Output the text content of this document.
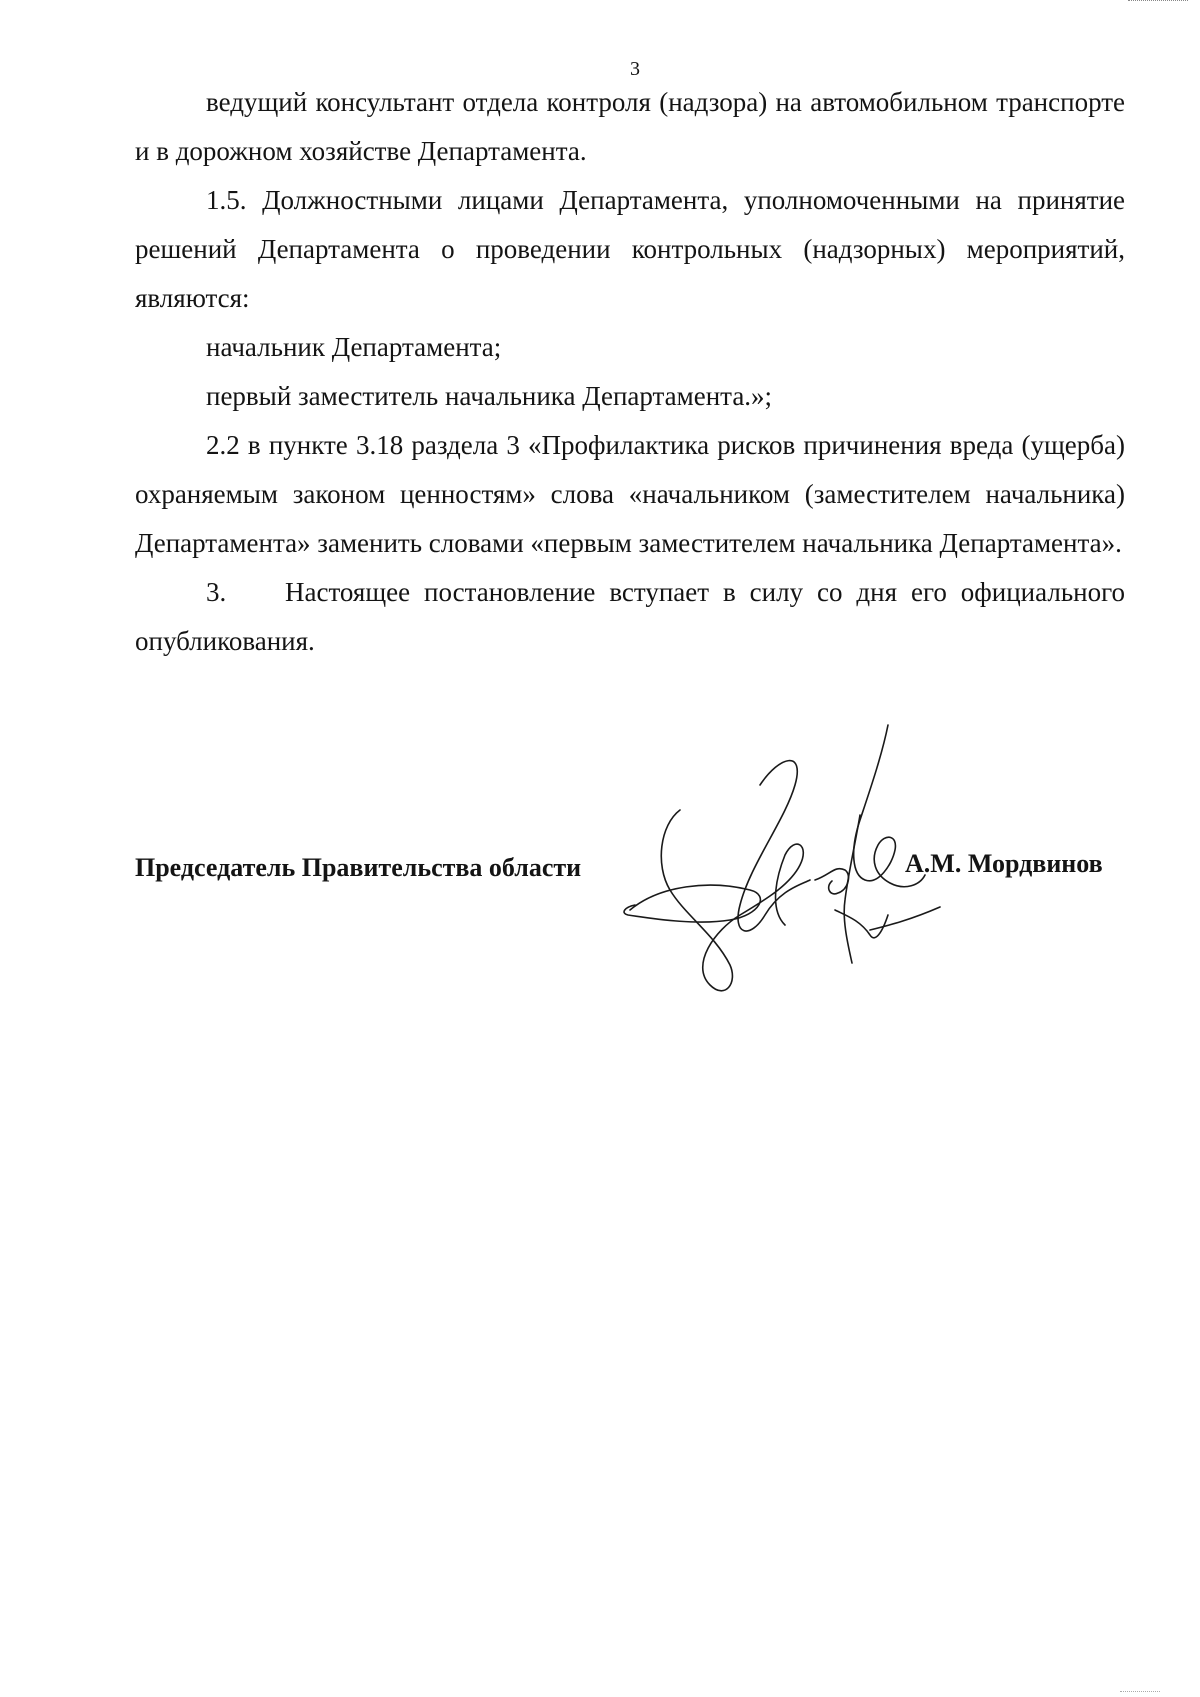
3

ведущий консультант отдела контроля (надзора) на автомобильном транспорте и в дорожном хозяйстве Департамента.

1.5. Должностными лицами Департамента, уполномоченными на принятие решений Департамента о проведении контрольных (надзорных) мероприятий, являются:

начальник Департамента;

первый заместитель начальника Департамента.»;

2.2 в пункте 3.18 раздела 3 «Профилактика рисков причинения вреда (ущерба) охраняемым законом ценностям» слова «начальником (заместителем начальника) Департамента» заменить словами «первым заместителем начальника Департамента».

3. Настоящее постановление вступает в силу со дня его официального опубликования.

Председатель Правительства области	А.М. Мордвинов
